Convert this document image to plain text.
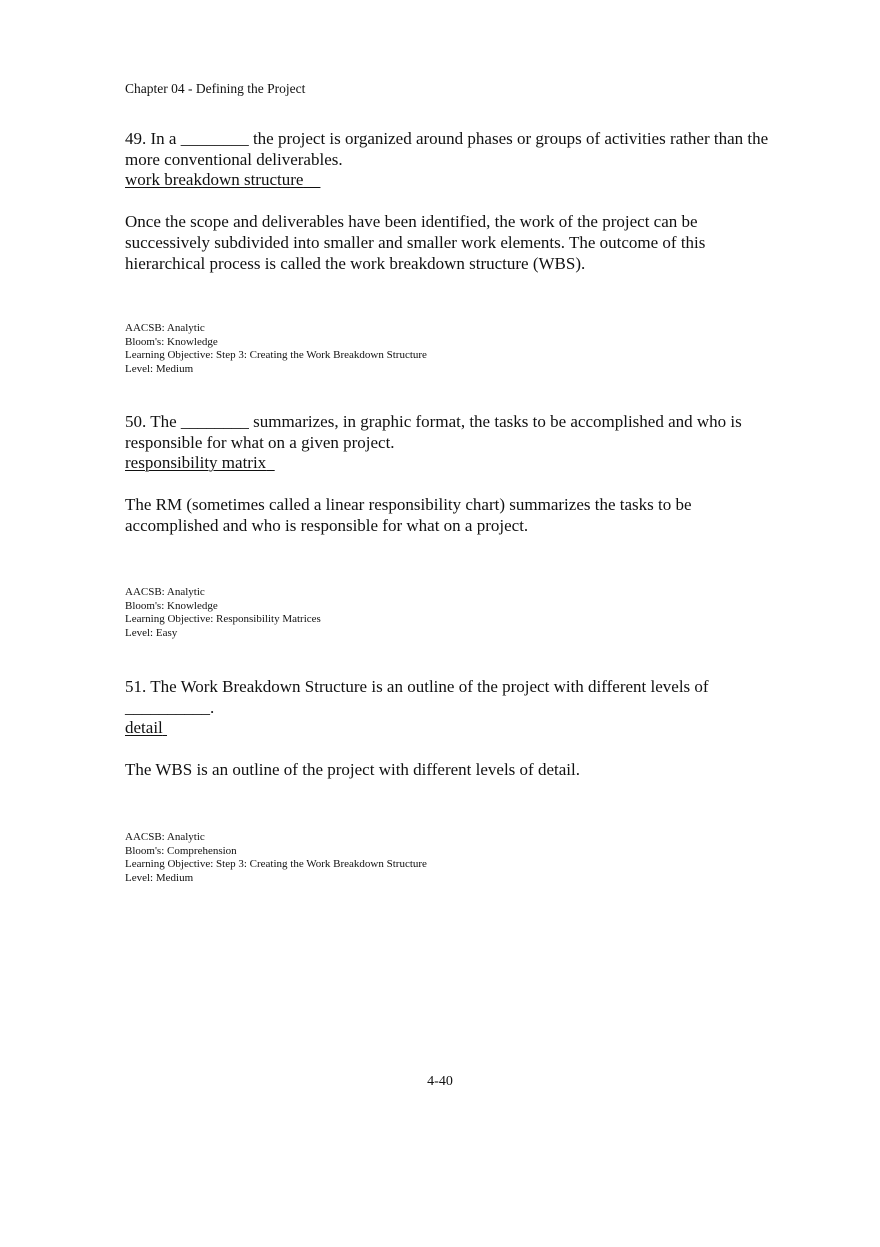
Chapter 04 - Defining the Project

49. In a ________ the project is organized around phases or groups of activities rather than the more conventional deliverables.

work breakdown structure

Once the scope and deliverables have been identified, the work of the project can be successively subdivided into smaller and smaller work elements. The outcome of this hierarchical process is called the work breakdown structure (WBS).

AACSB: Analytic
Bloom's: Knowledge
Learning Objective: Step 3: Creating the Work Breakdown Structure
Level: Medium

50. The ________ summarizes, in graphic format, the tasks to be accomplished and who is responsible for what on a given project.

responsibility matrix

The RM (sometimes called a linear responsibility chart) summarizes the tasks to be accomplished and who is responsible for what on a project.

AACSB: Analytic
Bloom's: Knowledge
Learning Objective: Responsibility Matrices
Level: Easy

51. The Work Breakdown Structure is an outline of the project with different levels of __________.

detail

The WBS is an outline of the project with different levels of detail.

AACSB: Analytic
Bloom's: Comprehension
Learning Objective: Step 3: Creating the Work Breakdown Structure
Level: Medium
4-40
